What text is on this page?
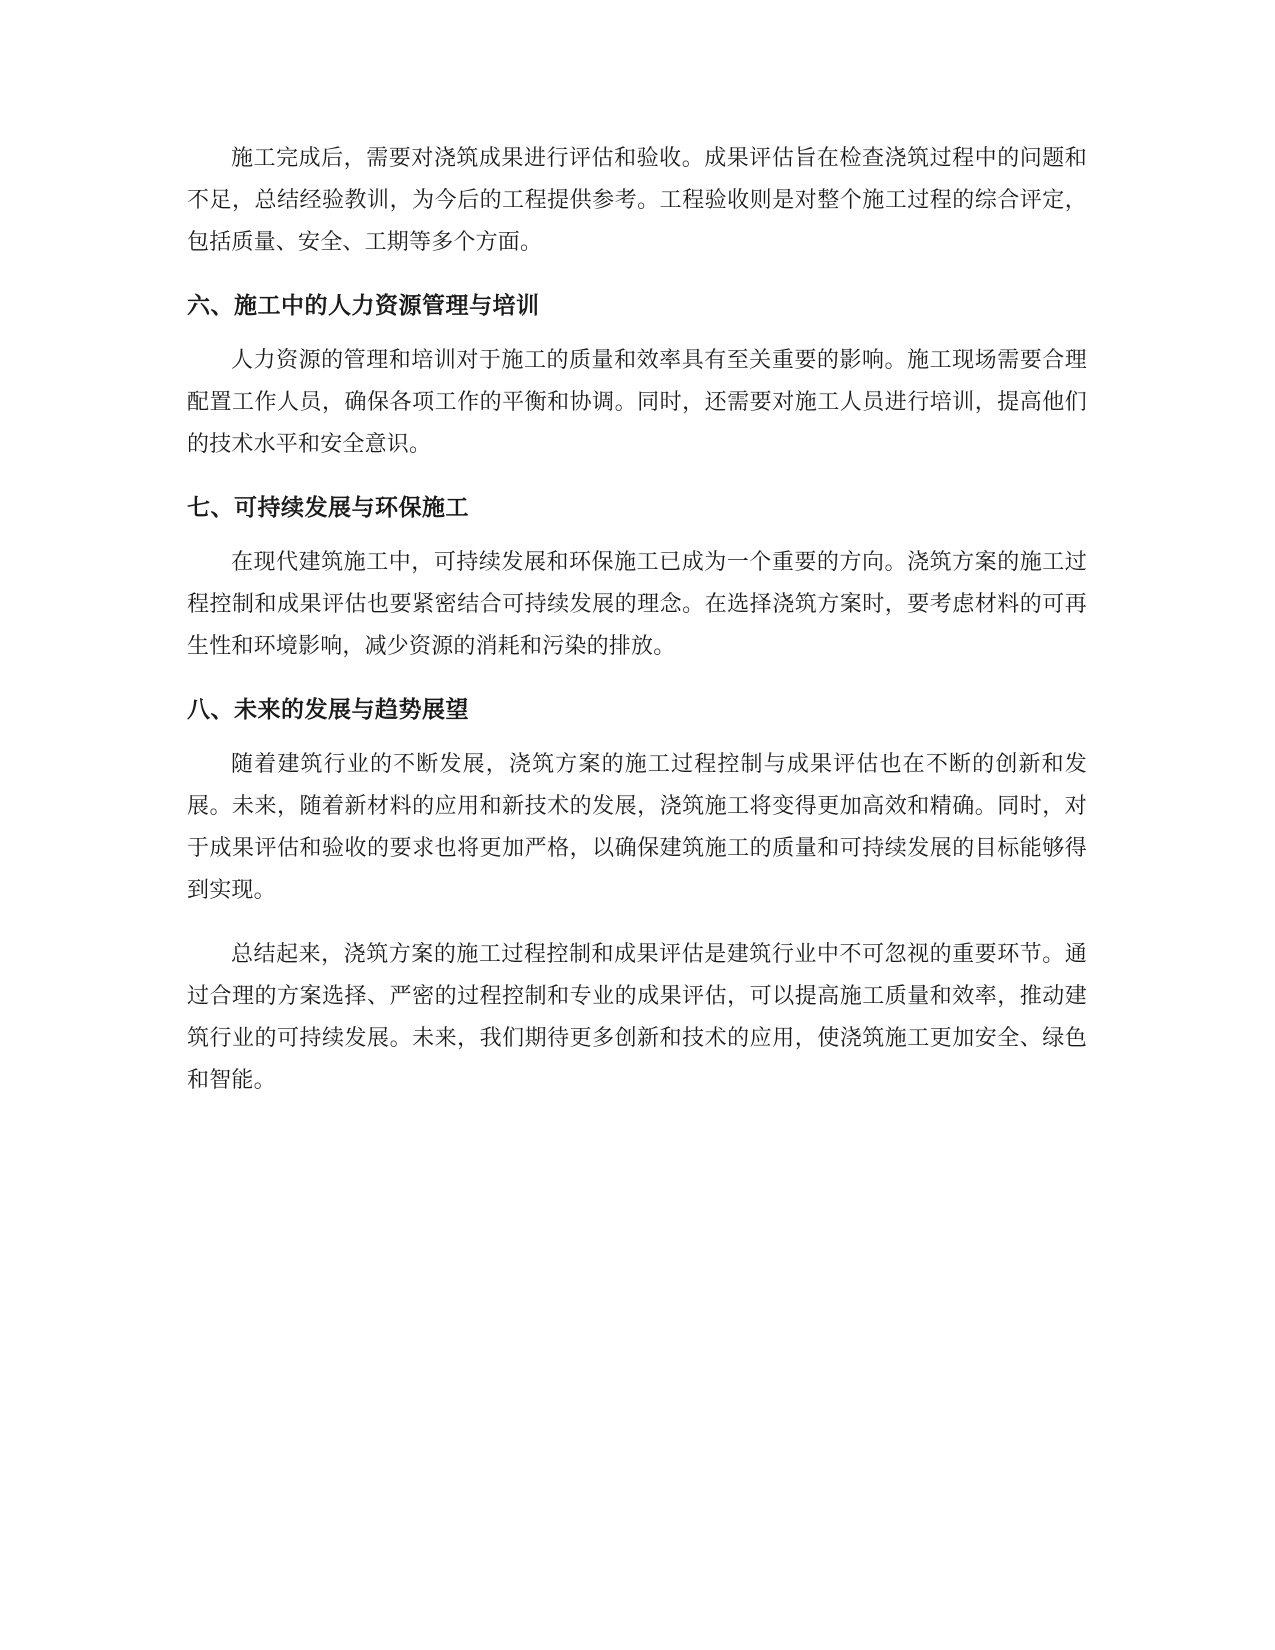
施工完成后，需要对浇筑成果进行评估和验收。成果评估旨在检查浇筑过程中的问题和不足，总结经验教训，为今后的工程提供参考。工程验收则是对整个施工过程的综合评定，包括质量、安全、工期等多个方面。

六、施工中的人力资源管理与培训

人力资源的管理和培训对于施工的质量和效率具有至关重要的影响。施工现场需要合理配置工作人员，确保各项工作的平衡和协调。同时，还需要对施工人员进行培训，提高他们的技术水平和安全意识。

七、可持续发展与环保施工

在现代建筑施工中，可持续发展和环保施工已成为一个重要的方向。浇筑方案的施工过程控制和成果评估也要紧密结合可持续发展的理念。在选择浇筑方案时，要考虑材料的可再生性和环境影响，减少资源的消耗和污染的排放。

八、未来的发展与趋势展望

随着建筑行业的不断发展，浇筑方案的施工过程控制与成果评估也在不断的创新和发展。未来，随着新材料的应用和新技术的发展，浇筑施工将变得更加高效和精确。同时，对于成果评估和验收的要求也将更加严格，以确保建筑施工的质量和可持续发展的目标能够得到实现。

总结起来，浇筑方案的施工过程控制和成果评估是建筑行业中不可忽视的重要环节。通过合理的方案选择、严密的过程控制和专业的成果评估，可以提高施工质量和效率，推动建筑行业的可持续发展。未来，我们期待更多创新和技术的应用，使浇筑施工更加安全、绿色和智能。
